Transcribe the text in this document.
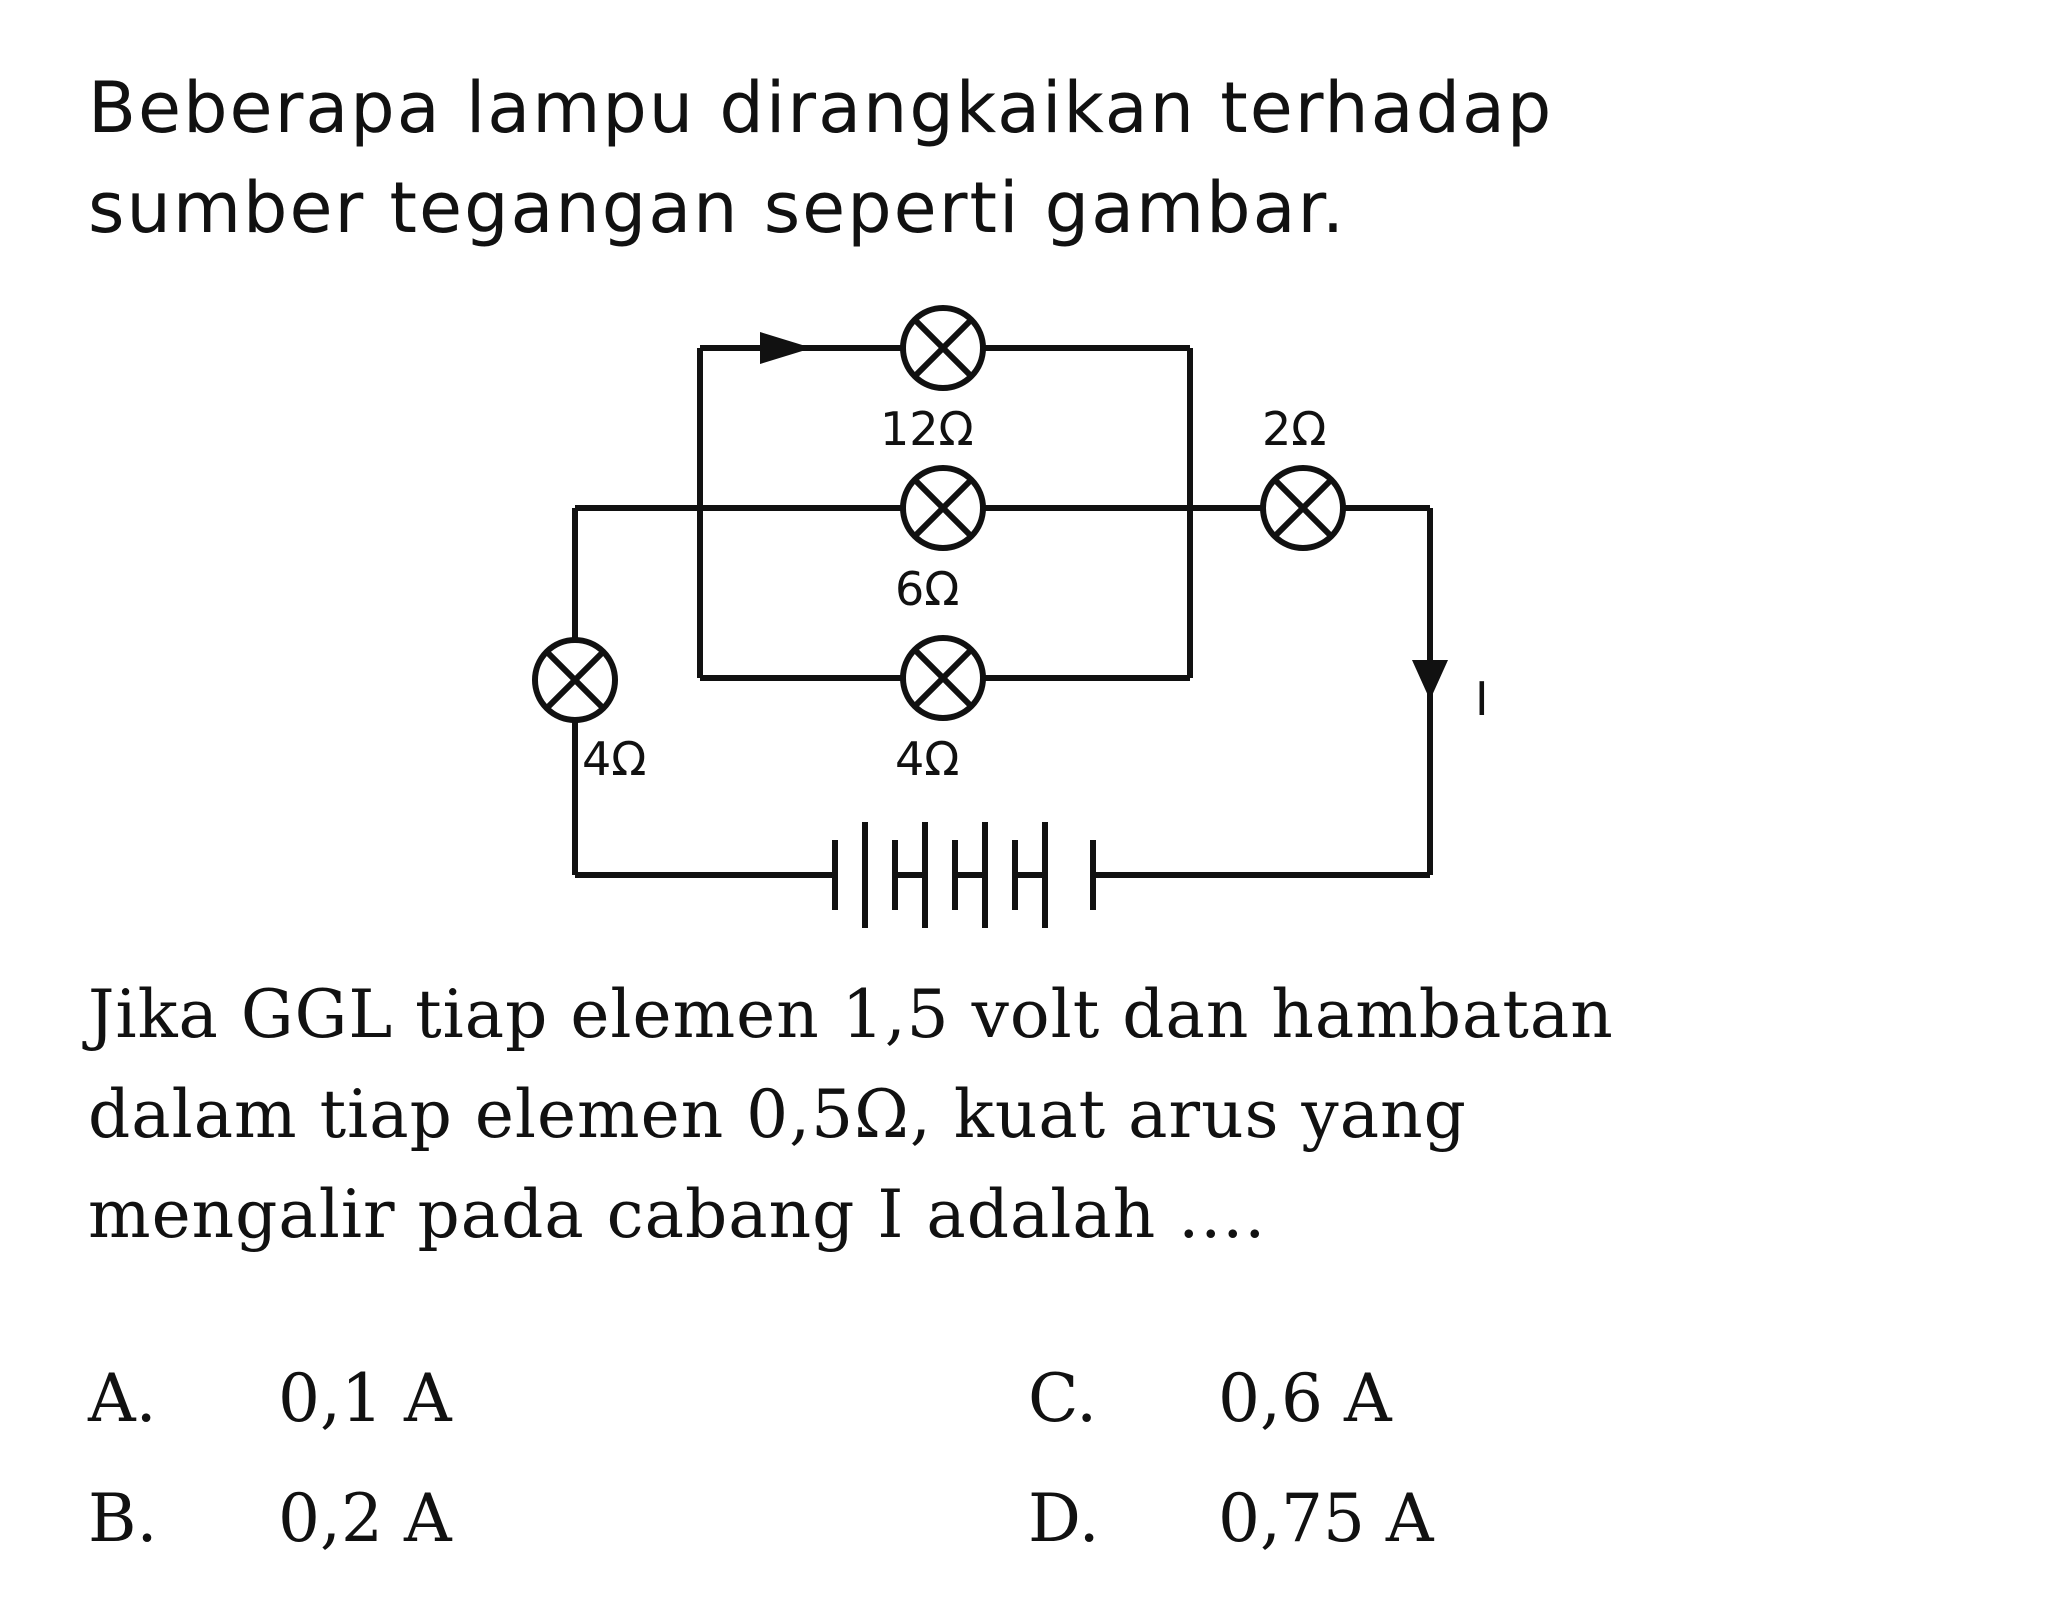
Beberapa lampu dirangkaikan terhadap
sumber tegangan seperti gambar.
12Ω
6Ω
4Ω
2Ω
4Ω
I
Jika GGL tiap elemen 1,5 volt dan hambatan
dalam tiap elemen 0,5Ω, kuat arus yang
mengalir pada cabang I adalah ....
A. 0,1 A
B. 0,2 A
C. 0,6 A
D. 0,75 A
